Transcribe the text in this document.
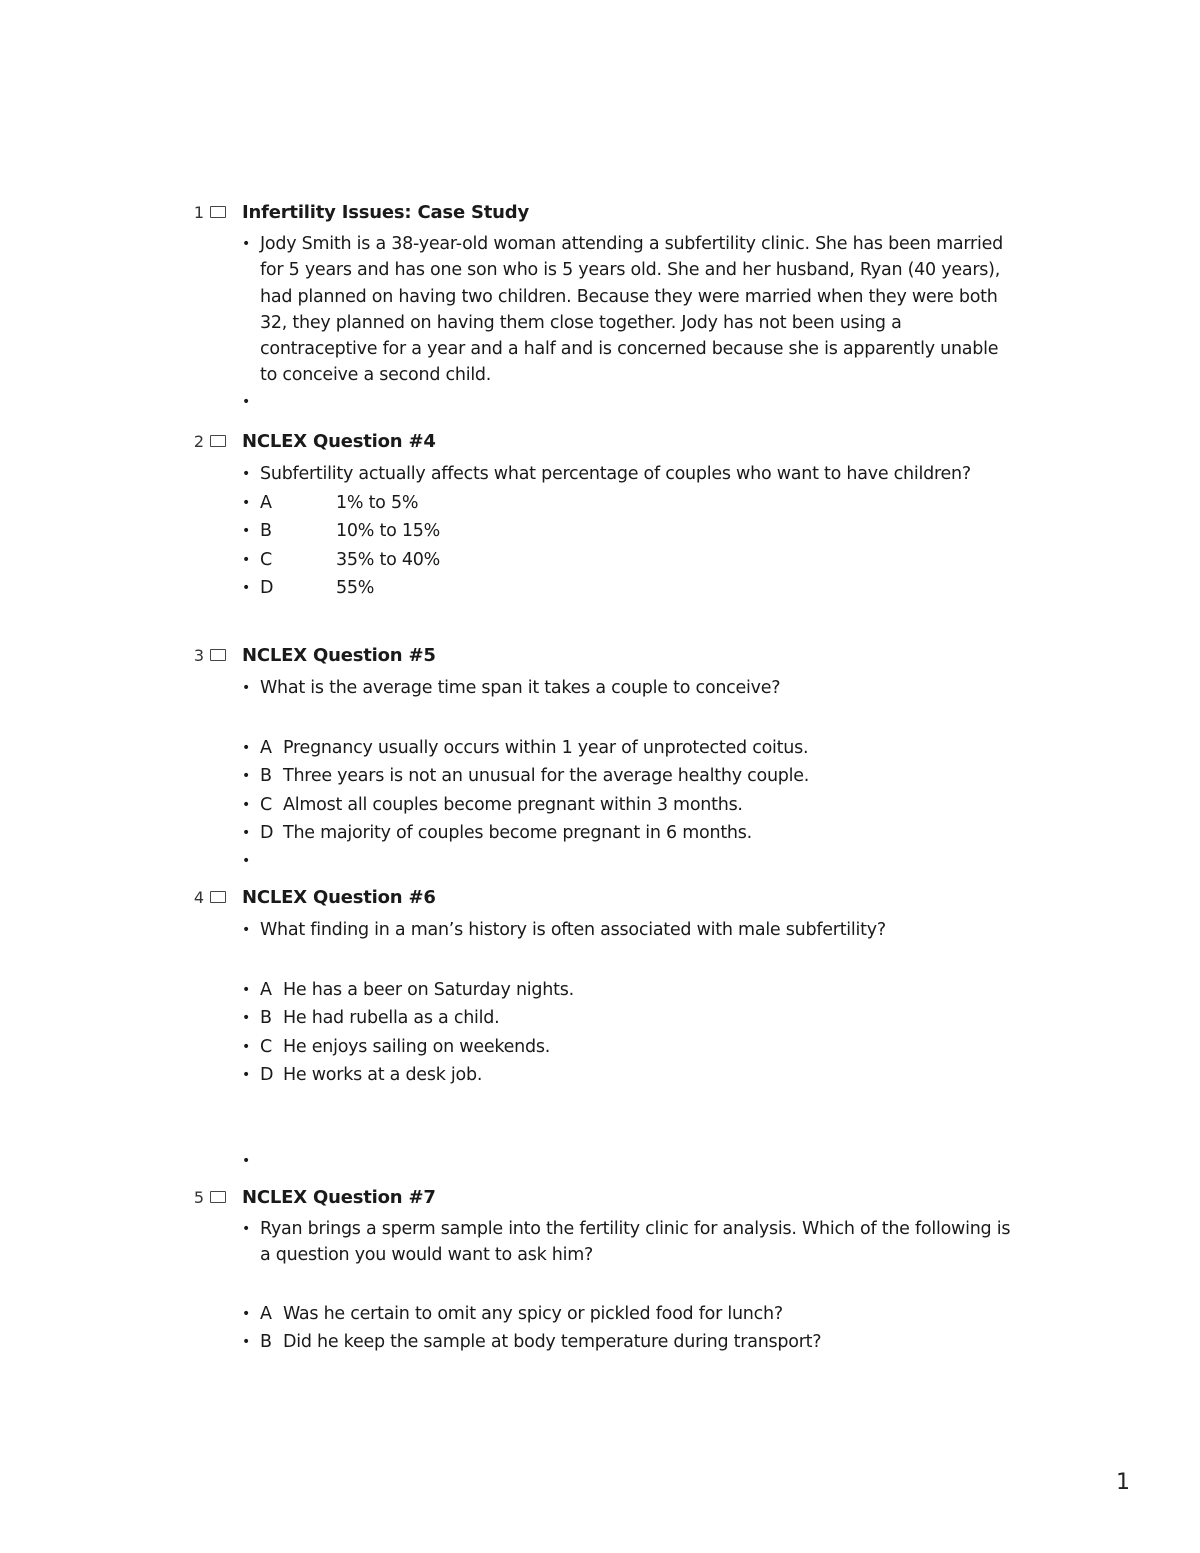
1 Infertility Issues: Case Study
• Jody Smith is a 38-year-old woman attending a subfertility clinic. She has been married for 5 years and has one son who is 5 years old. She and her husband, Ryan (40 years), had planned on having two children. Because they were married when they were both 32, they planned on having them close together. Jody has not been using a contraceptive for a year and a half and is concerned because she is apparently unable to conceive a second child.
•
2 NCLEX Question #4
• Subfertility actually affects what percentage of couples who want to have children?
• A	1% to 5%
• B	10% to 15%
• C	35% to 40%
• D	55%
3 NCLEX Question #5
• What is the average time span it takes a couple to conceive?
• A Pregnancy usually occurs within 1 year of unprotected coitus.
• B Three years is not an unusual for the average healthy couple.
• C Almost all couples become pregnant within 3 months.
• D The majority of couples become pregnant in 6 months.
•
4 NCLEX Question #6
• What finding in a man’s history is often associated with male subfertility?
• A He has a beer on Saturday nights.
• B He had rubella as a child.
• C He enjoys sailing on weekends.
• D He works at a desk job.
•
5 NCLEX Question #7
• Ryan brings a sperm sample into the fertility clinic for analysis. Which of the following is a question you would want to ask him?
• A Was he certain to omit any spicy or pickled food for lunch?
• B Did he keep the sample at body temperature during transport?
1
